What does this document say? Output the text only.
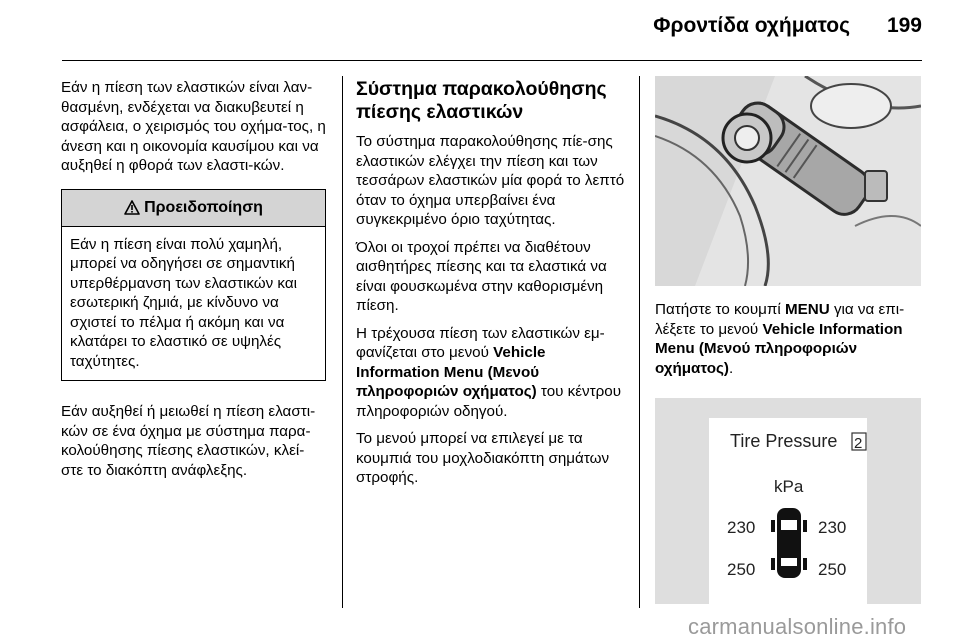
Φροντίδα οχήματος 199

Εάν η πίεση των ελαστικών είναι λαν-θασμένη, ενδέχεται να διακυβευτεί η ασφάλεια, ο χειρισμός του οχήμα-τος, η άνεση και η οικονομία καυσίμου και να αυξηθεί η φθορά των ελαστι-κών.

Προειδοποίηση
Εάν η πίεση είναι πολύ χαμηλή, μπορεί να οδηγήσει σε σημαντική υπερθέρμανση των ελαστικών και εσωτερική ζημιά, με κίνδυνο να σχιστεί το πέλμα ή ακόμη και να κλατάρει το ελαστικό σε υψηλές ταχύτητες.

Εάν αυξηθεί ή μειωθεί η πίεση ελαστι-κών σε ένα όχημα με σύστημα παρα-κολούθησης πίεσης ελαστικών, κλεί-στε το διακόπτη ανάφλεξης.

Σύστημα παρακολούθησης πίεσης ελαστικών

Το σύστημα παρακολούθησης πίε-σης ελαστικών ελέγχει την πίεση και των τεσσάρων ελαστικών μία φορά το λεπτό όταν το όχημα υπερβαίνει ένα συγκεκριμένο όριο ταχύτητας.

Όλοι οι τροχοί πρέπει να διαθέτουν αισθητήρες πίεσης και τα ελαστικά να είναι φουσκωμένα στην καθορισμένη πίεση.

Η τρέχουσα πίεση των ελαστικών εμ-φανίζεται στο μενού Vehicle Information Menu (Μενού πληροφοριών οχήματος) του κέντρου πληροφοριών οδηγού.

Το μενού μπορεί να επιλεγεί με τα κουμπιά του μοχλοδιακόπτη σημάτων στροφής.

Πατήστε το κουμπί MENU για να επι-λέξετε το μενού Vehicle Information Menu (Μενού πληροφοριών οχήματος).

Tire Pressure 2
kPa
230	230
250	250
carmanualsonline.info
